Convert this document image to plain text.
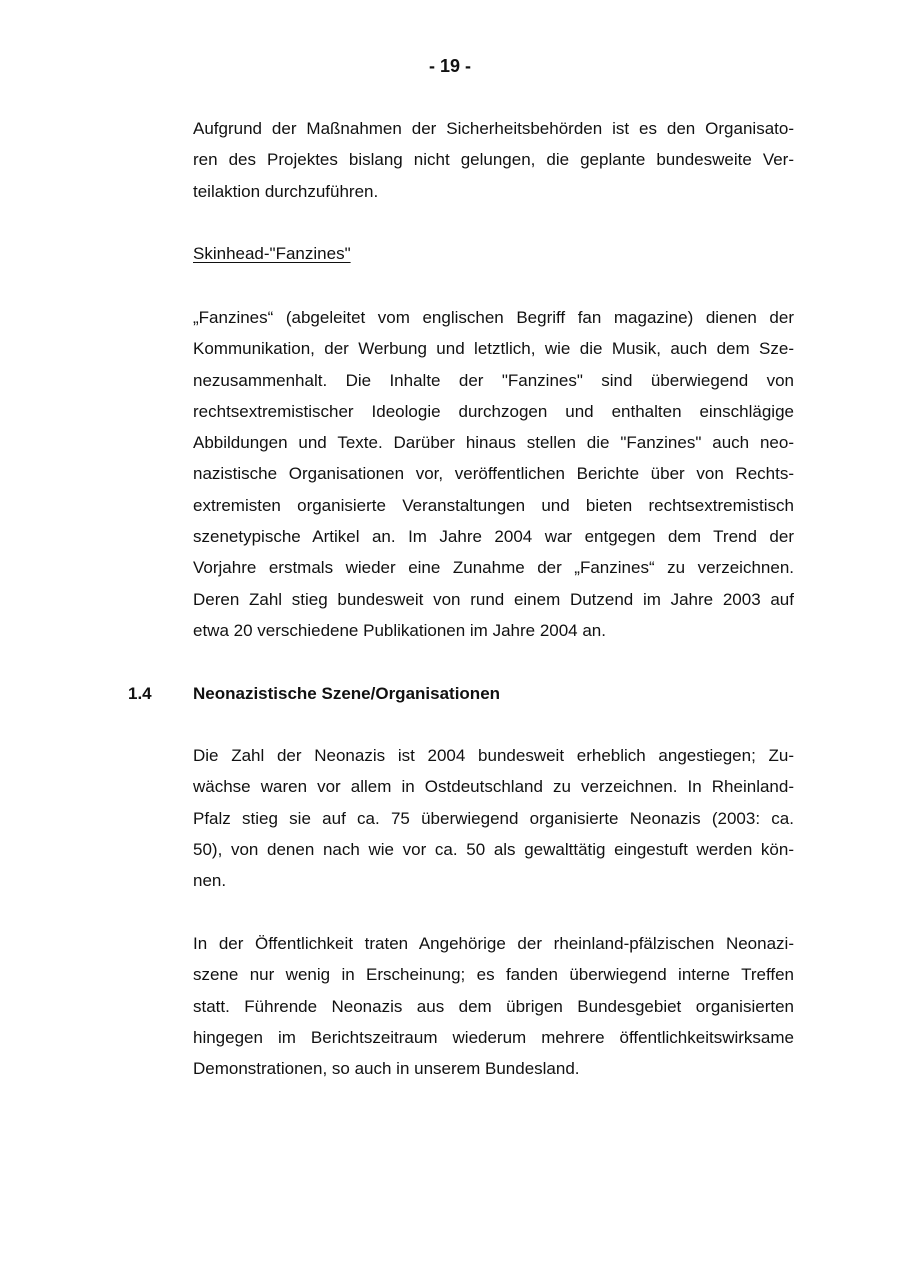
- 19 -

Aufgrund der Maßnahmen der Sicherheitsbehörden ist es den Organisato-
ren des Projektes bislang nicht gelungen, die geplante bundesweite Ver-
teilaktion durchzuführen.

Skinhead-"Fanzines"

„Fanzines“ (abgeleitet vom englischen Begriff fan magazine) dienen der
Kommunikation, der Werbung und letztlich, wie die Musik, auch dem Sze-
nezusammenhalt. Die Inhalte der "Fanzines" sind überwiegend von
rechtsextremistischer Ideologie durchzogen und enthalten einschlägige
Abbildungen und Texte. Darüber hinaus stellen die "Fanzines" auch neo-
nazistische Organisationen vor, veröffentlichen Berichte über von Rechts-
extremisten organisierte Veranstaltungen und bieten rechtsextremistisch
szenetypische Artikel an. Im Jahre 2004 war entgegen dem Trend der
Vorjahre erstmals wieder eine Zunahme der „Fanzines“ zu verzeichnen.
Deren Zahl stieg bundesweit von rund einem Dutzend im Jahre 2003 auf
etwa 20 verschiedene Publikationen im Jahre 2004 an.

1.4 Neonazistische Szene/Organisationen

Die Zahl der Neonazis ist 2004 bundesweit erheblich angestiegen; Zu-
wächse waren vor allem in Ostdeutschland zu verzeichnen. In Rheinland-
Pfalz stieg sie auf ca. 75 überwiegend organisierte Neonazis (2003: ca.
50), von denen nach wie vor ca. 50 als gewalttätig eingestuft werden kön-
nen.

In der Öffentlichkeit traten Angehörige der rheinland-pfälzischen Neonazi-
szene nur wenig in Erscheinung; es fanden überwiegend interne Treffen
statt. Führende Neonazis aus dem übrigen Bundesgebiet organisierten
hingegen im Berichtszeitraum wiederum mehrere öffentlichkeitswirksame
Demonstrationen, so auch in unserem Bundesland.
